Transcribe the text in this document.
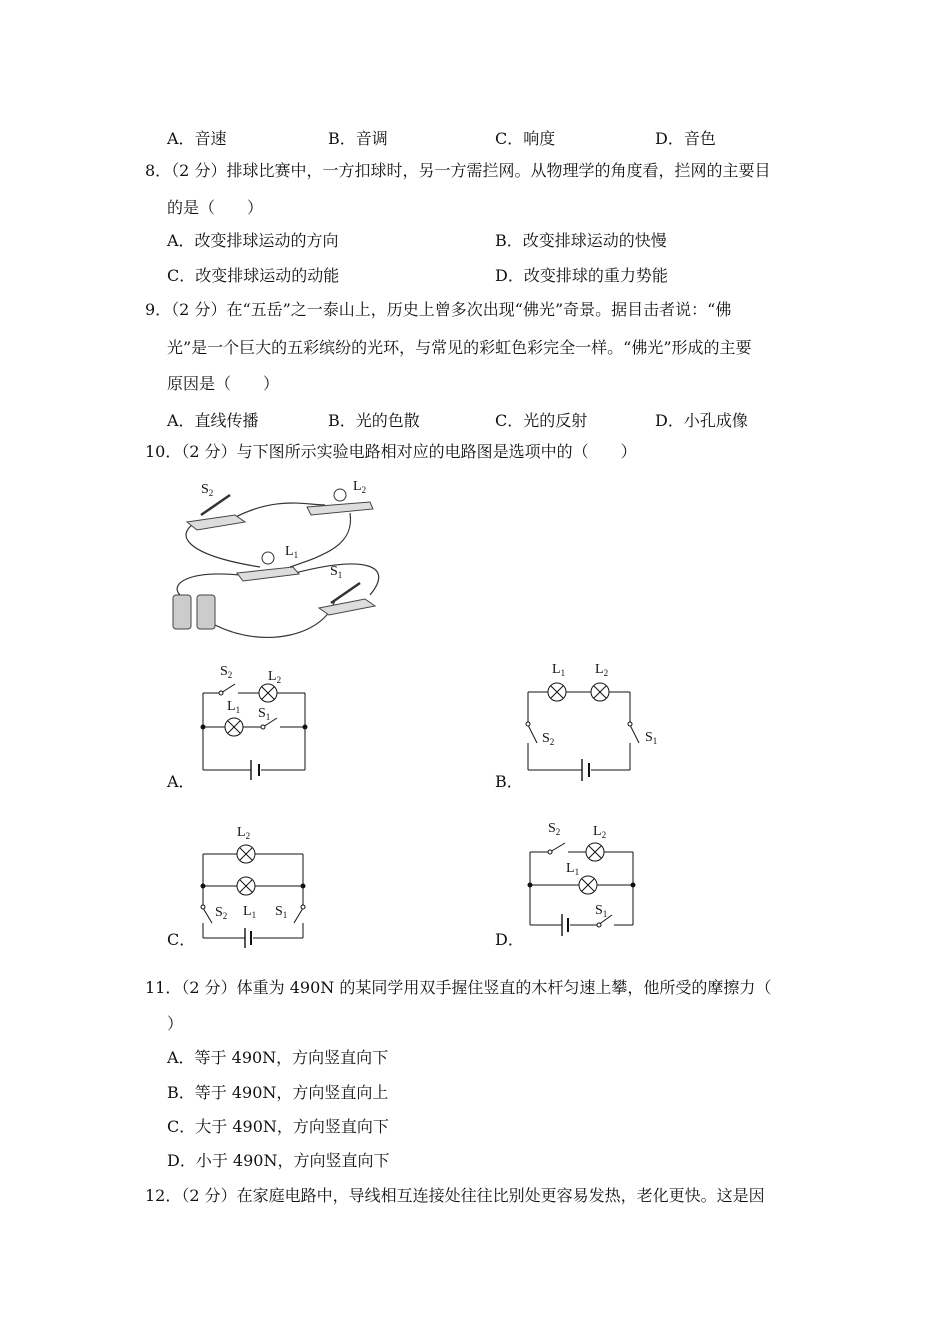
A．音速	B．音调	C．响度	D．音色
8．（2 分）排球比赛中，一方扣球时，另一方需拦网。从物理学的角度看，拦网的主要目
的是（　　）
A．改变排球运动的方向	B．改变排球运动的快慢
C．改变排球运动的动能	D．改变排球的重力势能
9．（2 分）在“五岳”之一泰山上，历史上曾多次出现“佛光”奇景。据目击者说：“佛
光”是一个巨大的五彩缤纷的光环，与常见的彩虹色彩完全一样。“佛光”形成的主要
原因是（　　）
A．直线传播	B．光的色散	C．光的反射	D．小孔成像
10．（2 分）与下图所示实验电路相对应的电路图是选项中的（　　）
$S_2$	$L_2$
$L_1$
$S_1$
$S_2$	$L_2$
$L_1$ $S_1$
A．
$L_1$ $L_2$
$S_2$	$S_1$
B．
$L_2$
$S_2$ $L_1$ $S_1$
C．
$S_2$ $L_2$
$L_1$
$S_1$
D．
11．（2 分）体重为 490N 的某同学用双手握住竖直的木杆匀速上攀，他所受的摩擦力（
）
A．等于 490N，方向竖直向下
B．等于 490N，方向竖直向上
C．大于 490N，方向竖直向下
D．小于 490N，方向竖直向下
12．（2 分）在家庭电路中，导线相互连接处往往比别处更容易发热，老化更快。这是因
